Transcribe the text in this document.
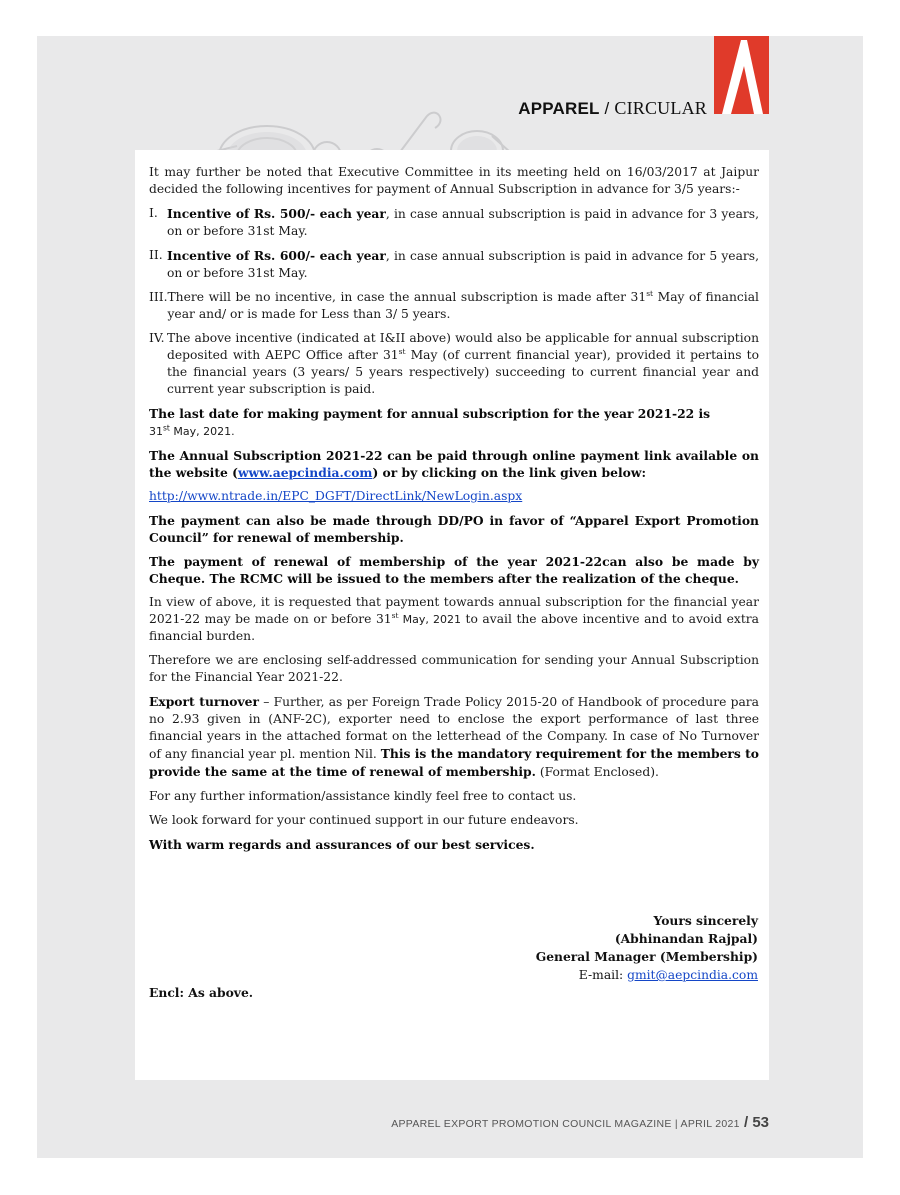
APPAREL / CIRCULAR

It may further be noted that Executive Committee in its meeting held on 16/03/2017 at Jaipur decided the following incentives for payment of Annual Subscription in advance for 3/5 years:-

I. Incentive of Rs. 500/- each year, in case annual subscription is paid in advance for 3 years, on or before 31st May.
II. Incentive of Rs. 600/- each year, in case annual subscription is paid in advance for 5 years, on or before 31st May.
III. There will be no incentive, in case the annual subscription is made after 31st May of financial year and/ or is made for Less than 3/ 5 years.
IV. The above incentive (indicated at I&II above) would also be applicable for annual subscription deposited with AEPC Office after 31st May (of current financial year), provided it pertains to the financial years (3 years/ 5 years respectively) succeeding to current financial year and current year subscription is paid.

The last date for making payment for annual subscription for the year 2021-22 is
31st May, 2021.

The Annual Subscription 2021-22 can be paid through online payment link available on the website (www.aepcindia.com) or by clicking on the link given below:

http://www.ntrade.in/EPC_DGFT/DirectLink/NewLogin.aspx

The payment can also be made through DD/PO in favor of “Apparel Export Promotion Council” for renewal of membership.

The payment of renewal of membership of the year 2021-22can also be made by Cheque. The RCMC will be issued to the members after the realization of the cheque.

In view of above, it is requested that payment towards annual subscription for the financial year 2021-22 may be made on or before 31st May, 2021 to avail the above incentive and to avoid extra financial burden.

Therefore we are enclosing self-addressed communication for sending your Annual Subscription for the Financial Year 2021-22.

Export turnover – Further, as per Foreign Trade Policy 2015-20 of Handbook of procedure para no 2.93 given in (ANF-2C), exporter need to enclose the export performance of last three financial years in the attached format on the letterhead of the Company. In case of No Turnover of any financial year pl. mention Nil. This is the mandatory requirement for the members to provide the same at the time of renewal of membership. (Format Enclosed).

For any further information/assistance kindly feel free to contact us.

We look forward for your continued support in our future endeavors.

With warm regards and assurances of our best services.

Yours sincerely
(Abhinandan Rajpal)
General Manager (Membership)
E-mail: gmit@aepcindia.com
Encl: As above.
APPAREL EXPORT PROMOTION COUNCIL MAGAZINE | APRIL 2021 / 53
